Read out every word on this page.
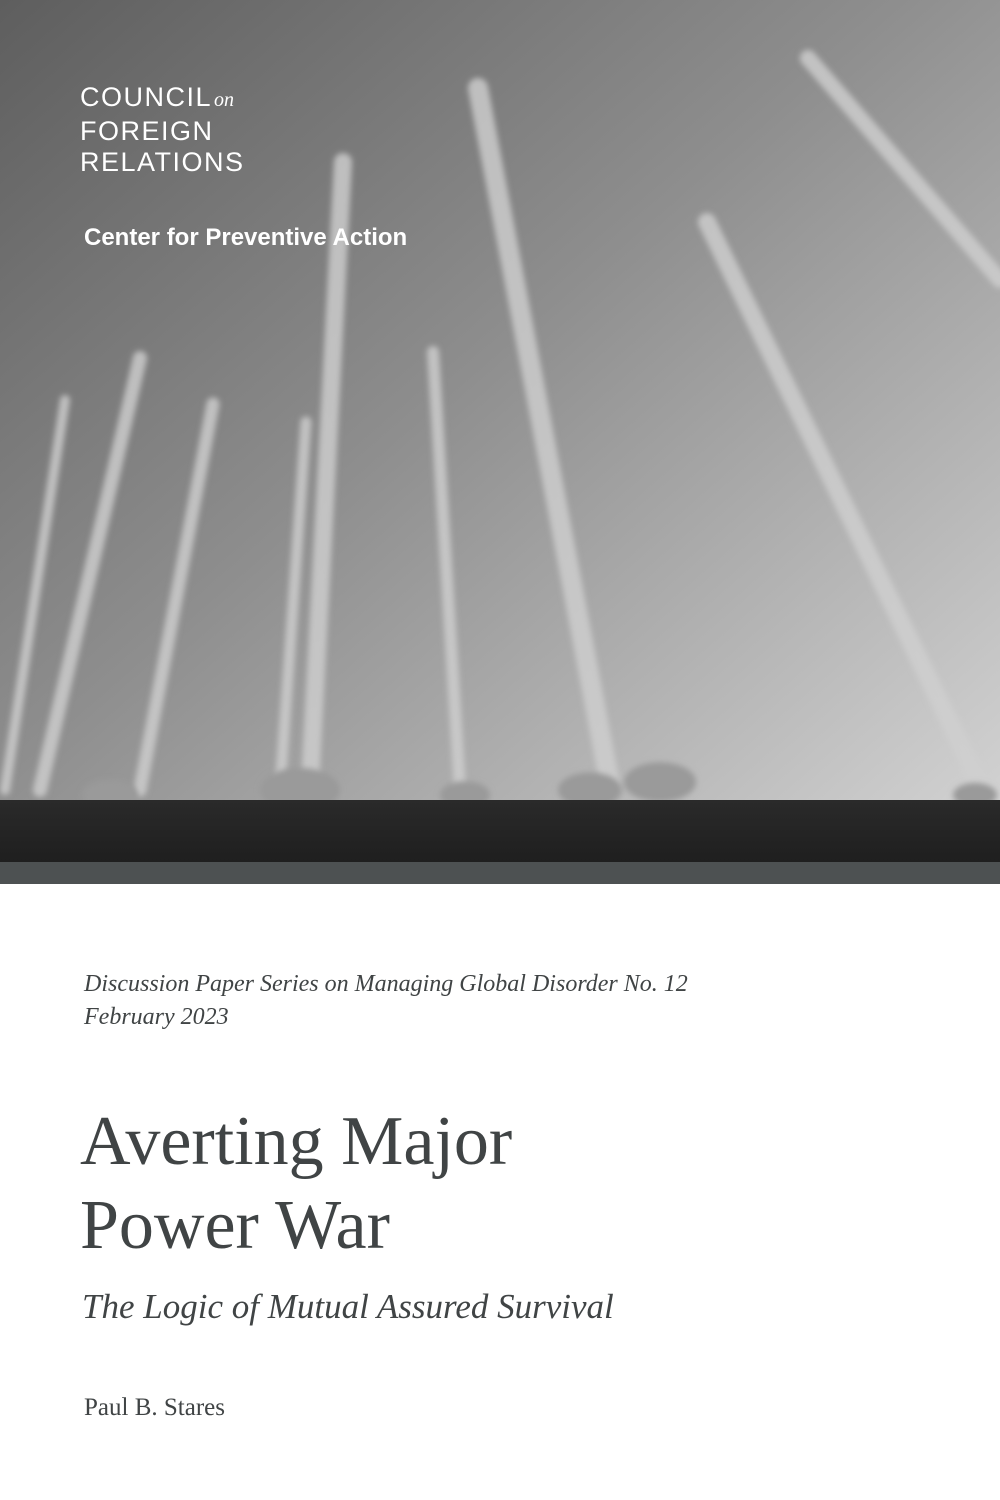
COUNCIL on
FOREIGN
RELATIONS
Center for Preventive Action
Discussion Paper Series on Managing Global Disorder No. 12
February 2023
Averting Major
Power War
The Logic of Mutual Assured Survival
Paul B. Stares
